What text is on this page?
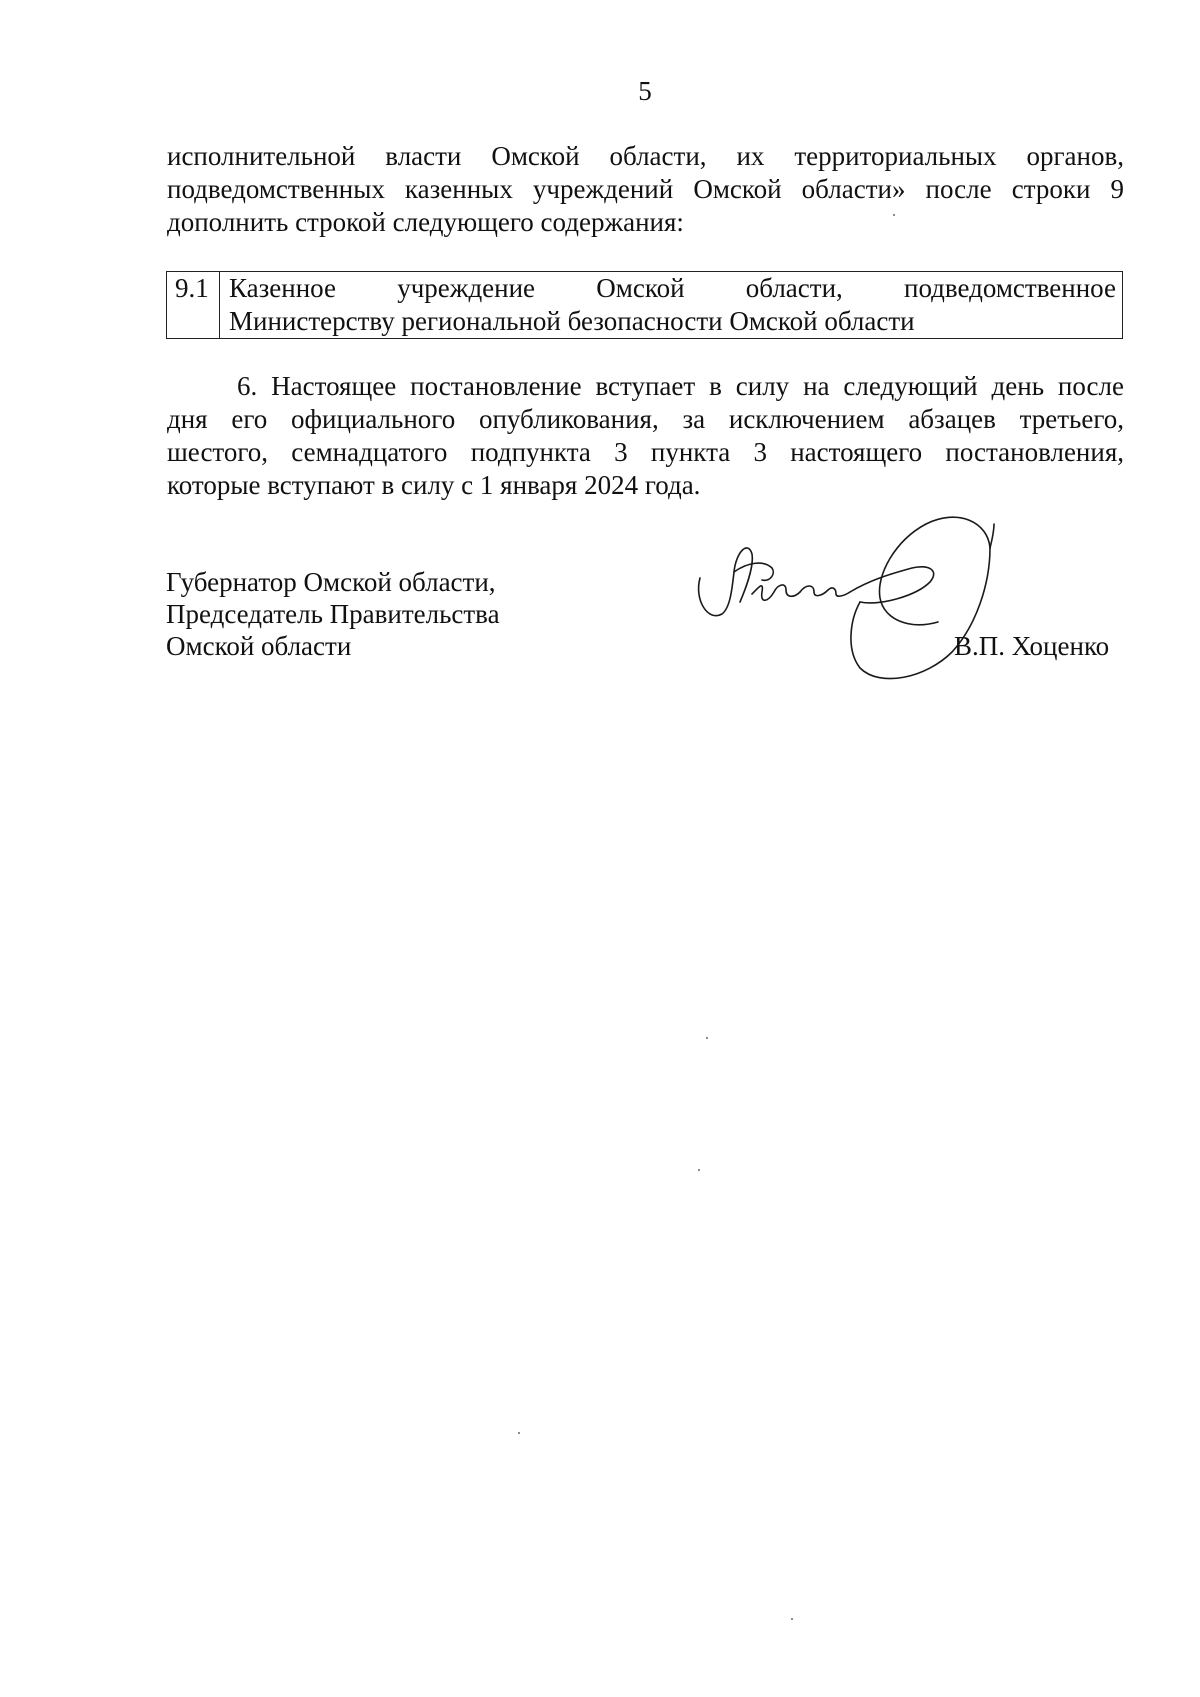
5
исполнительной власти Омской области, их территориальных органов,
подведомственных казенных учреждений Омской области» после строки 9
дополнить строкой следующего содержания:
9.1	Казенное учреждение Омской области, подведомственное
Министерству региональной безопасности Омской области
6. Настоящее постановление вступает в силу на следующий день после
дня его официального опубликования, за исключением абзацев третьего,
шестого, семнадцатого подпункта 3 пункта 3 настоящего постановления,
которые вступают в силу с 1 января 2024 года.
Губернатор Омской области,
Председатель Правительства
Омской области	В.П. Хоценко
